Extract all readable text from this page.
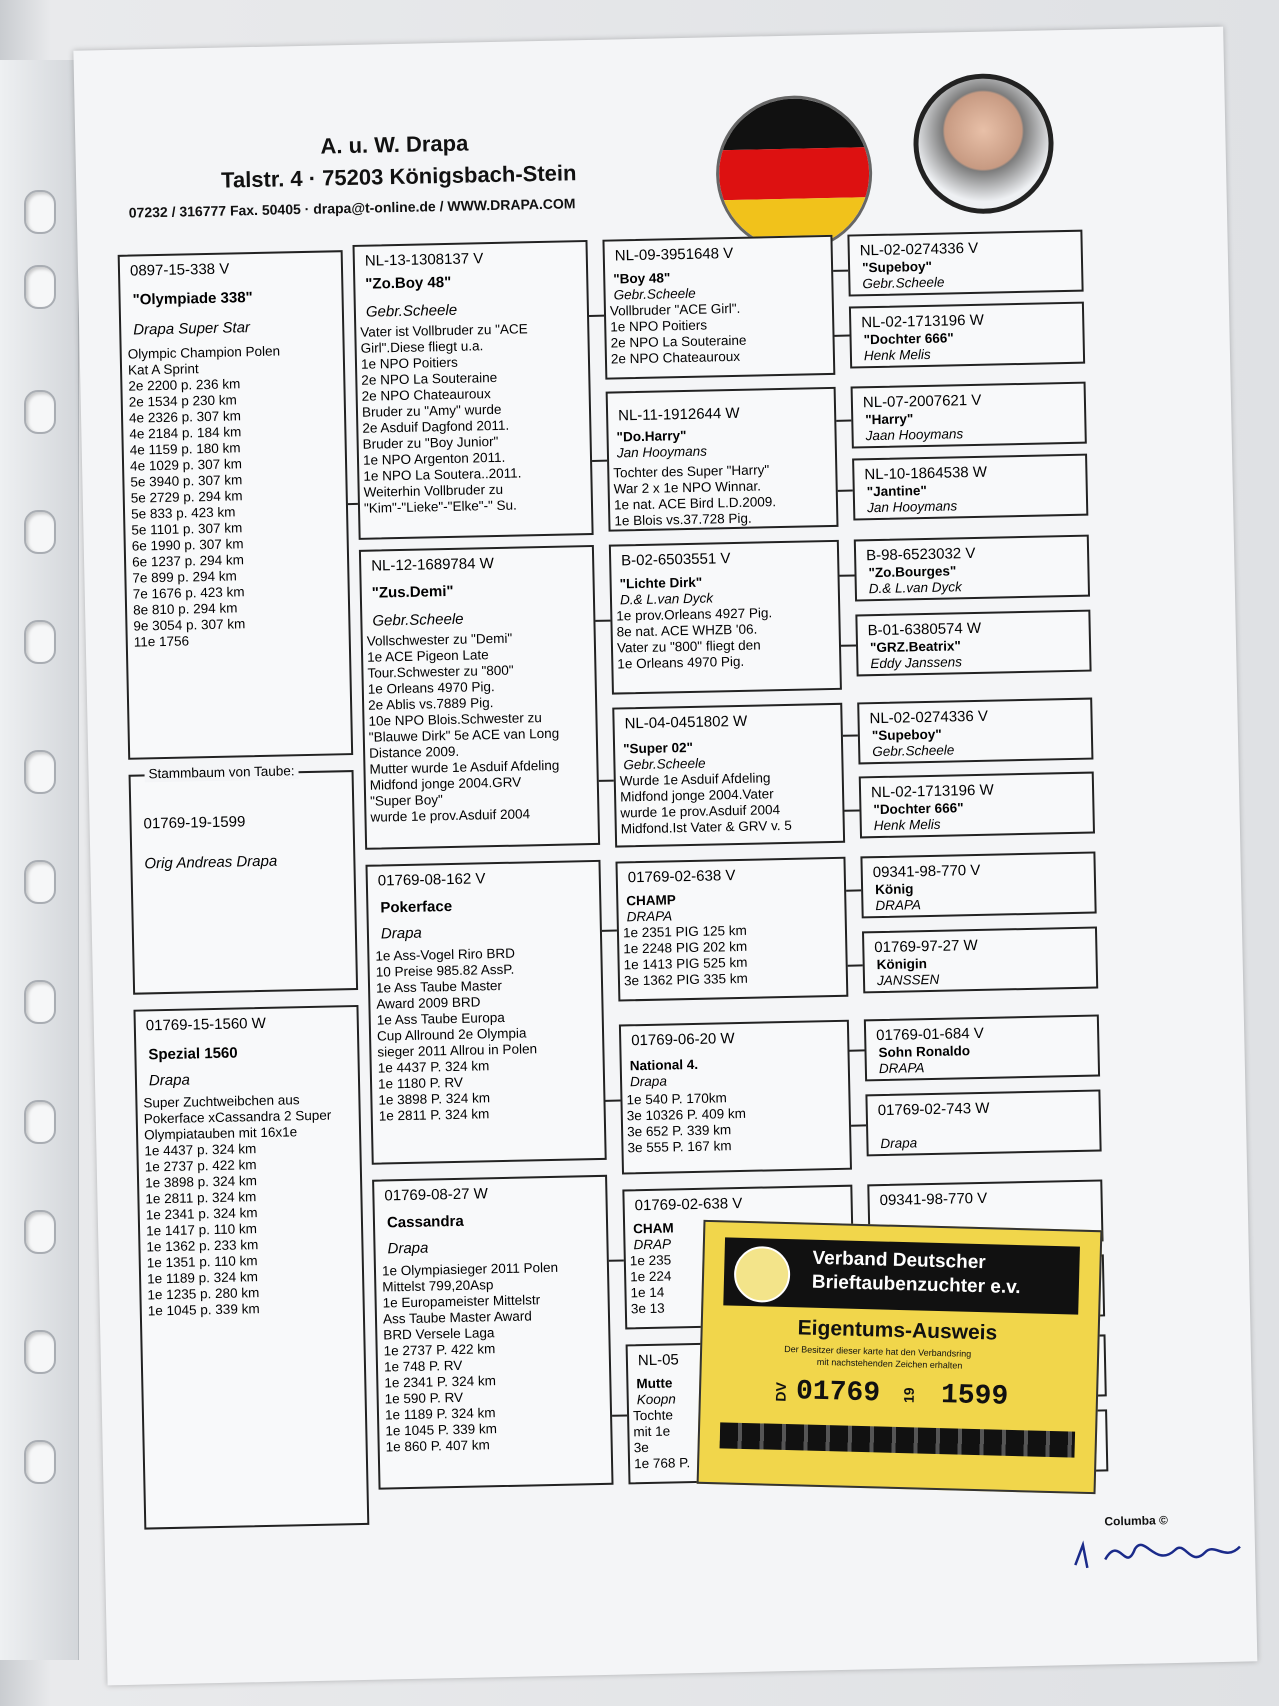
A. u. W. Drapa
Talstr. 4 · 75203 Königsbach-Stein
07232 / 316777 Fax. 50405 · drapa@t-online.de / WWW.DRAPA.COM
0897-15-338 V
"Olympiade 338"
Drapa Super Star
Olympic Champion Polen
Kat A Sprint
2e 2200 p. 236 km
2e 1534 p 230 km
4e 2326 p. 307 km
4e 2184 p. 184 km
4e 1159 p. 180 km
4e 1029 p. 307 km
5e 3940 p. 307 km
5e 2729 p. 294 km
5e 833 p. 423 km
5e 1101 p. 307 km
6e 1990 p. 307 km
6e 1237 p. 294 km
7e 899 p. 294 km
7e 1676 p. 423 km
8e 810 p. 294 km
9e 3054 p. 307 km
11e 1756
Stammbaum von Taube:
01769-19-1599
Orig Andreas Drapa
01769-15-1560 W
Spezial 1560
Drapa
Super Zuchtweibchen aus
Pokerface xCassandra 2 Super
Olympiatauben mit 16x1e
1e 4437 p. 324 km
1e 2737 p. 422 km
1e 3898 p. 324 km
1e 2811 p. 324 km
1e 2341 p. 324 km
1e 1417 p. 110 km
1e 1362 p. 233 km
1e 1351 p. 110 km
1e 1189 p. 324 km
1e 1235 p. 280 km
1e 1045 p. 339 km
NL-13-1308137 V
"Zo.Boy 48"
Gebr.Scheele
Vater ist Vollbruder zu "ACE
Girl".Diese fliegt u.a.
1e NPO Poitiers
2e NPO La Souteraine
2e NPO Chateauroux
Bruder zu "Amy" wurde
2e Asduif Dagfond 2011.
Bruder zu "Boy Junior"
1e NPO Argenton 2011.
1e NPO La Soutera..2011.
Weiterhin Vollbruder zu
"Kim"-"Lieke"-"Elke"-" Su.
NL-12-1689784 W
"Zus.Demi"
Gebr.Scheele
Vollschwester zu "Demi"
1e ACE Pigeon Late
Tour.Schwester zu "800"
1e Orleans 4970 Pig.
2e Ablis vs.7889 Pig.
10e NPO Blois.Schwester zu
"Blauwe Dirk" 5e ACE van Long
Distance 2009.
Mutter wurde 1e Asduif Afdeling
Midfond jonge 2004.GRV
"Super Boy"
wurde 1e prov.Asduif 2004
01769-08-162 V
Pokerface
Drapa
1e Ass-Vogel Riro BRD
10 Preise 985.82 AssP.
1e Ass Taube Master
Award 2009 BRD
1e Ass Taube Europa
Cup Allround 2e Olympia
sieger 2011 Allrou in Polen
1e 4437 P. 324 km
1e 1180 P. RV
1e 3898 P. 324 km
1e 2811 P. 324 km
01769-08-27 W
Cassandra
Drapa
1e Olympiasieger 2011 Polen
Mittelst 799,20Asp
1e Europameister Mittelstr
Ass Taube Master Award
BRD Versele Laga
1e 2737 P. 422 km
1e 748 P. RV
1e 2341 P. 324 km
1e 590 P. RV
1e 1189 P. 324 km
1e 1045 P. 339 km
1e 860 P. 407 km
NL-09-3951648 V
"Boy 48"
Gebr.Scheele
Vollbruder "ACE Girl".
1e NPO Poitiers
2e NPO La Souteraine
2e NPO Chateauroux
NL-11-1912644 W
"Do.Harry"
Jan Hooymans
Tochter des Super "Harry"
War 2 x 1e NPO Winnar.
1e nat. ACE Bird L.D.2009.
1e Blois vs.37.728 Pig.
B-02-6503551 V
"Lichte Dirk"
D.& L.van Dyck
1e prov.Orleans 4927 Pig.
8e nat. ACE WHZB '06.
Vater zu "800" fliegt den
1e Orleans 4970 Pig.
NL-04-0451802 W
"Super 02"
Gebr.Scheele
Wurde 1e Asduif Afdeling
Midfond jonge 2004.Vater
wurde 1e prov.Asduif 2004
Midfond.Ist Vater & GRV v. 5
01769-02-638 V
CHAMP
DRAPA
1e 2351 PIG 125 km
1e 2248 PIG 202 km
1e 1413 PIG 525 km
3e 1362 PIG 335 km
01769-06-20 W
National 4.
Drapa
1e 540 P. 170km
3e 10326 P. 409 km
3e 652 P. 339 km
3e 555 P. 167 km
01769-02-638 V
CHAM
DRAP
1e 235
1e 224
1e 14
3e 13
NL-05
Mutte
Koopn
Tochte
mit 1e
3e
1e 768 P.
NL-02-0274336 V
"Supeboy"
Gebr.Scheele
NL-02-1713196 W
"Dochter 666"
Henk Melis
NL-07-2007621 V
"Harry"
Jaan Hooymans
NL-10-1864538 W
"Jantine"
Jan Hooymans
B-98-6523032 V
"Zo.Bourges"
D.& L.van Dyck
B-01-6380574 W
"GRZ.Beatrix"
Eddy Janssens
NL-02-0274336 V
"Supeboy"
Gebr.Scheele
NL-02-1713196 W
"Dochter 666"
Henk Melis
09341-98-770 V
König
DRAPA
01769-97-27 W
Königin
JANSSEN
01769-01-684 V
Sohn Ronaldo
DRAPA
01769-02-743 W
Drapa
09341-98-770 V
Columba ©
Verband Deutscher
Brieftaubenzuchter e.v.
Eigentums-Ausweis
Der Besitzer dieser karte hat den Verbandsring
mit nachstehenden Zeichen erhalten
DV 01769 19 1599
